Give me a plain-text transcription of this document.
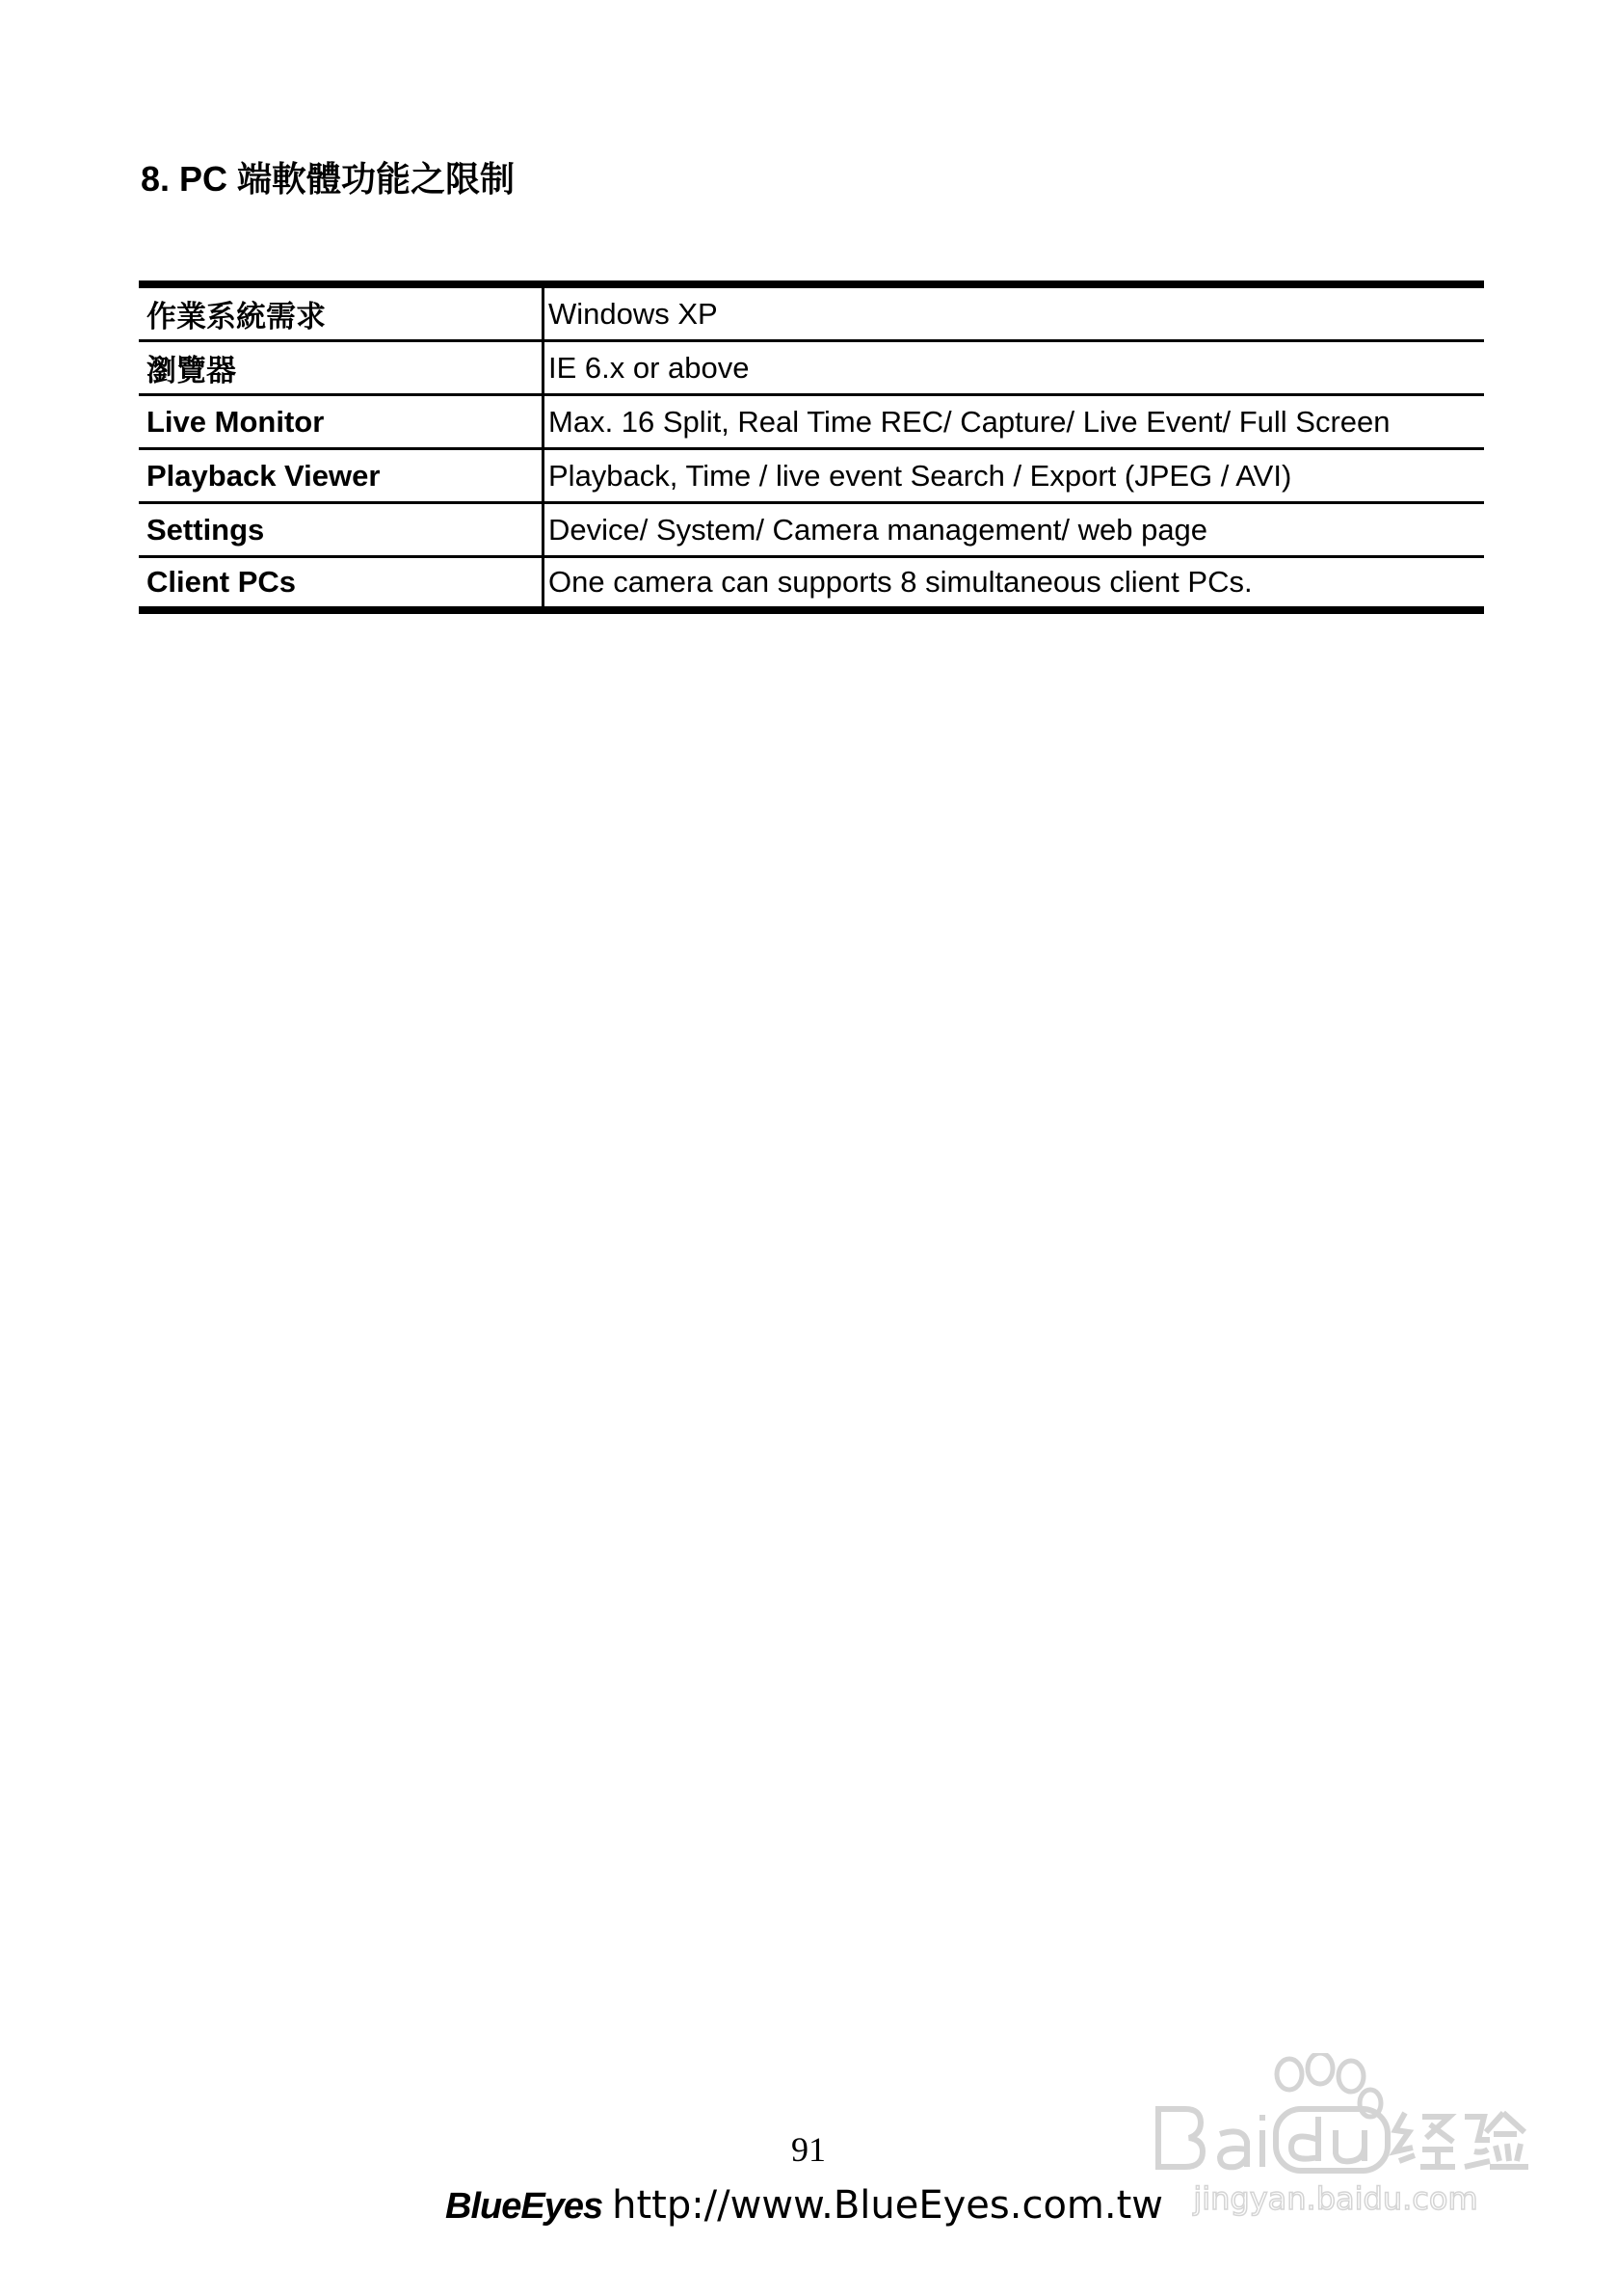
8. PC 端軟體功能之限制
作業系統需求	Windows XP
瀏覽器	IE 6.x or above
Live Monitor	Max. 16 Split, Real Time REC/ Capture/ Live Event/ Full Screen
Playback Viewer	Playback, Time / live event Search / Export (JPEG / AVI)
Settings	Device/ System/ Camera management/ web page
Client PCs	One camera can supports 8 simultaneous client PCs.
91
BlueEyes http://www.BlueEyes.com.tw jingyan.baidu.com
